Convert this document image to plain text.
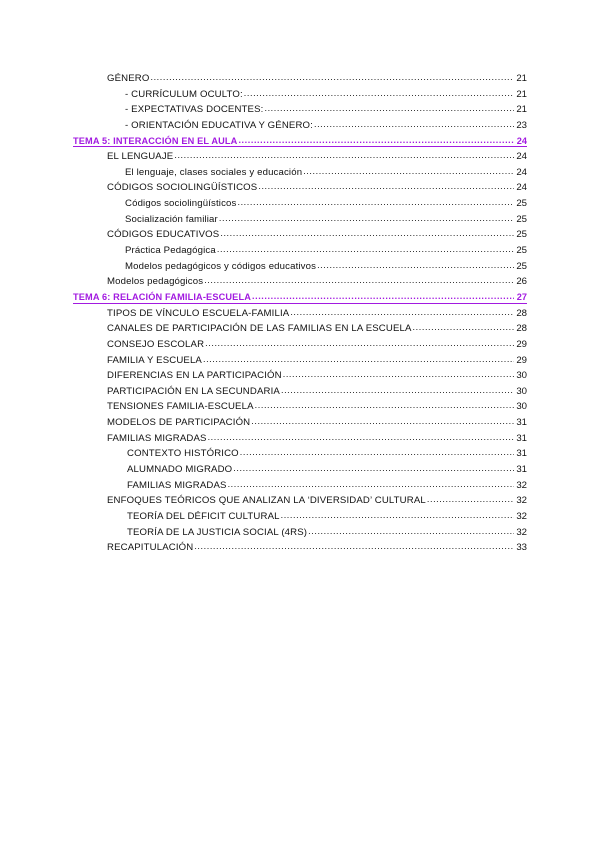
GÉNERO .....	21
- CURRÍCULUM OCULTO: .....	21
- EXPECTATIVAS DOCENTES: .....	21
- ORIENTACIÓN EDUCATIVA Y GÉNERO: .....	23
TEMA 5: INTERACCIÓN EN EL AULA .....	24
EL LENGUAJE .....	24
El lenguaje, clases sociales y educación .....	24
CÓDIGOS SOCIOLINGÜÍSTICOS .....	24
Códigos sociolingüísticos .....	25
Socialización familiar .....	25
CÓDIGOS EDUCATIVOS .....	25
Práctica Pedagógica .....	25
Modelos pedagógicos y códigos educativos .....	25
Modelos pedagógicos .....	26
TEMA 6: RELACIÓN FAMILIA-ESCUELA .....	27
TIPOS DE VÍNCULO ESCUELA-FAMILIA .....	28
CANALES DE PARTICIPACIÓN DE LAS FAMILIAS EN LA ESCUELA .....	28
CONSEJO ESCOLAR .....	29
FAMILIA Y ESCUELA .....	29
DIFERENCIAS EN LA PARTICIPACIÓN .....	30
PARTICIPACIÓN EN LA SECUNDARIA .....	30
TENSIONES FAMILIA-ESCUELA .....	30
MODELOS DE PARTICIPACIÓN .....	31
FAMILIAS MIGRADAS .....	31
CONTEXTO HISTÓRICO .....	31
ALUMNADO MIGRADO .....	31
FAMILIAS MIGRADAS .....	32
ENFOQUES TEÓRICOS QUE ANALIZAN LA ‘DIVERSIDAD’ CULTURAL .....	32
TEORÍA DEL DÉFICIT CULTURAL .....	32
TEORÍA DE LA JUSTICIA SOCIAL (4RS) .....	32
RECAPITULACIÓN .....	33
